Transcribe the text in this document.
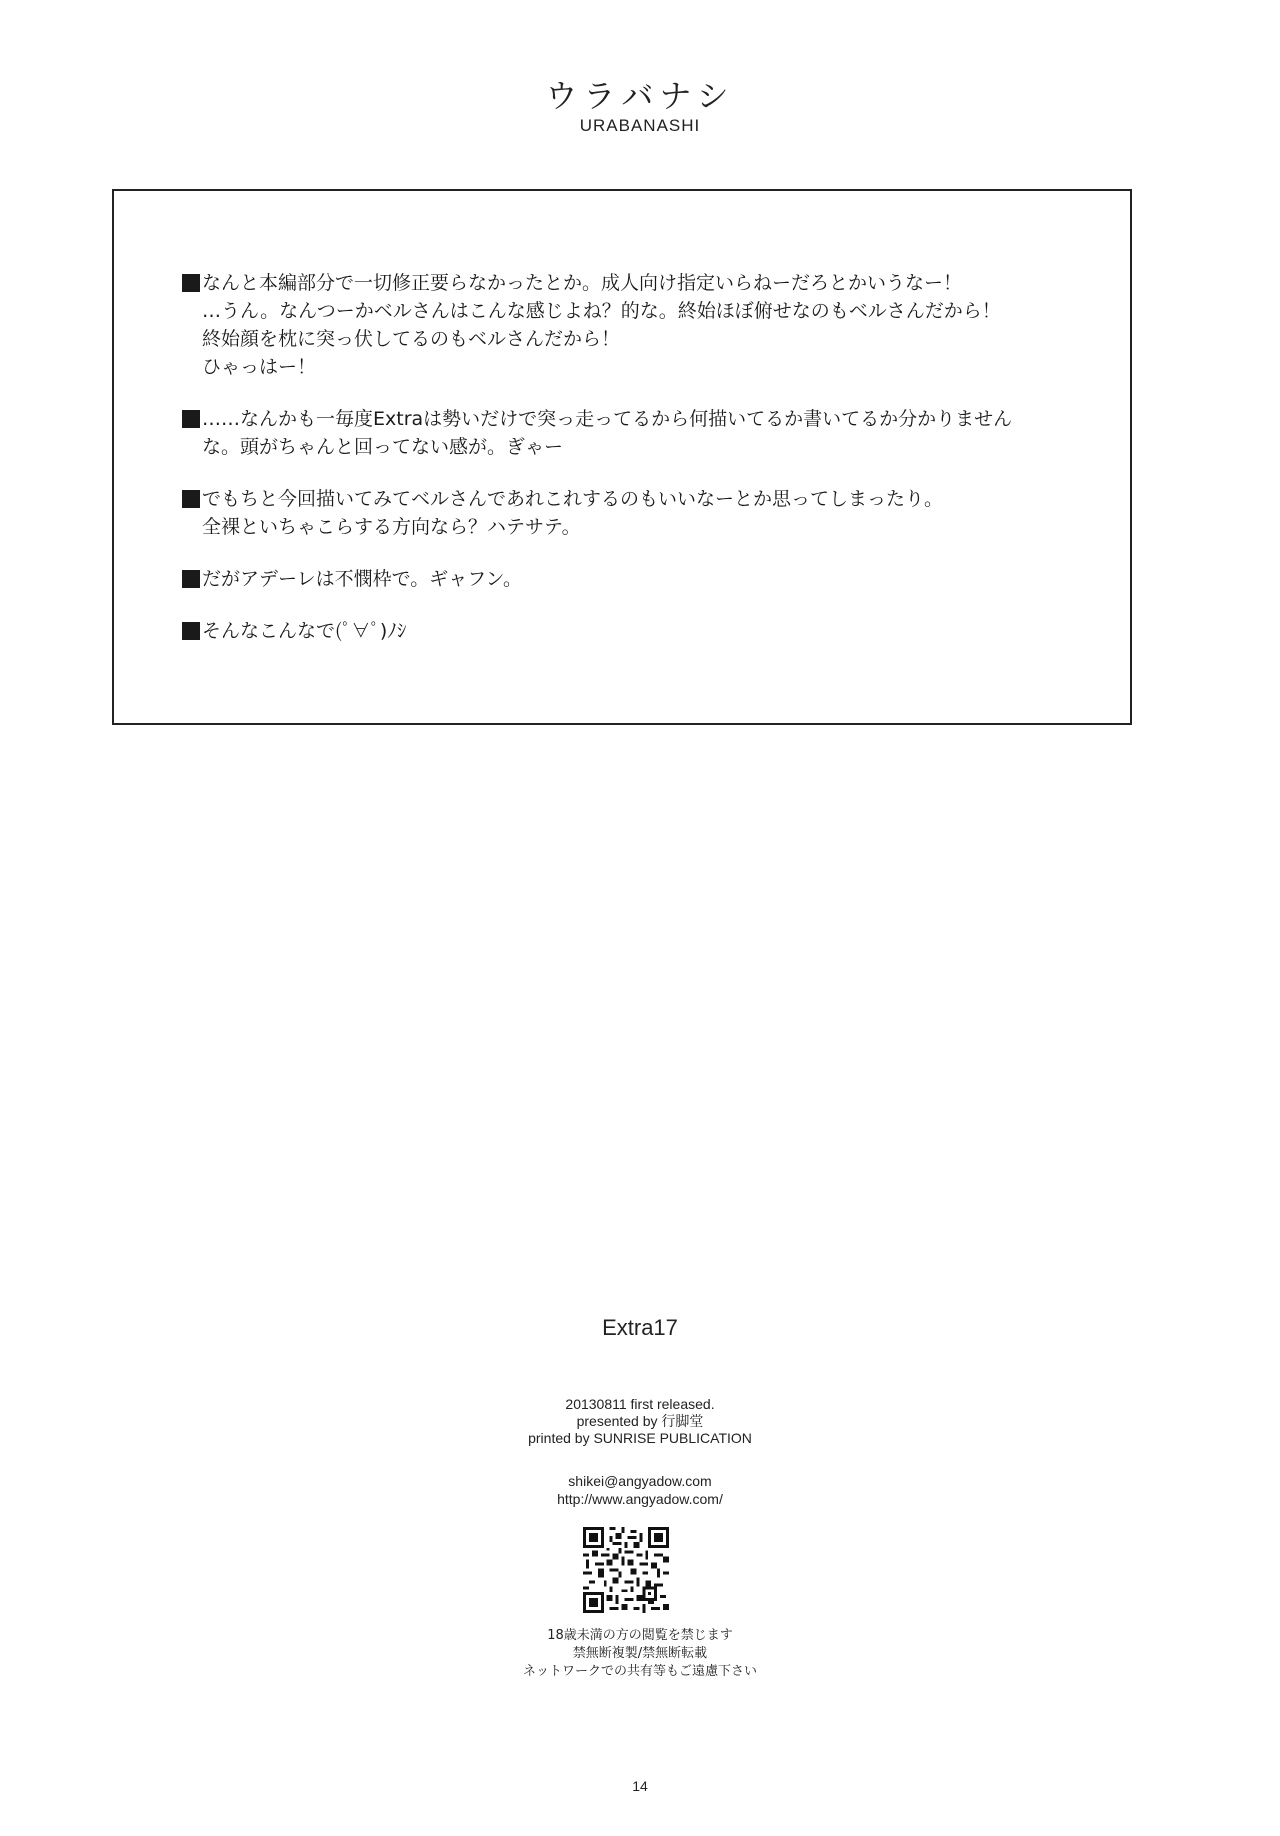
ウラバナシ
URABANASHI
なんと本編部分で一切修正要らなかったとか。成人向け指定いらねーだろとかいうなー！
…うん。なんつーかベルさんはこんな感じよね？的な。終始ほぼ俯せなのもベルさんだから！
終始顔を枕に突っ伏してるのもベルさんだから！
ひゃっはー！
……なんかも一毎度Extraは勢いだけで突っ走ってるから何描いてるか書いてるか分かりません
な。頭がちゃんと回ってない感が。ぎゃー
でもちと今回描いてみてベルさんであれこれするのもいいなーとか思ってしまったり。
全裸といちゃこらする方向なら？ハテサテ。
だがアデーレは不憫枠で。ギャフン。
そんなこんなで(ﾟ∀ﾟ)ﾉｼ
Extra17
20130811 first released.
presented by 行脚堂
printed by SUNRISE PUBLICATION
shikei@angyadow.com
http://www.angyadow.com/
18歳未満の方の閲覧を禁じます
禁無断複製/禁無断転載
ネットワークでの共有等もご遠慮下さい
14
